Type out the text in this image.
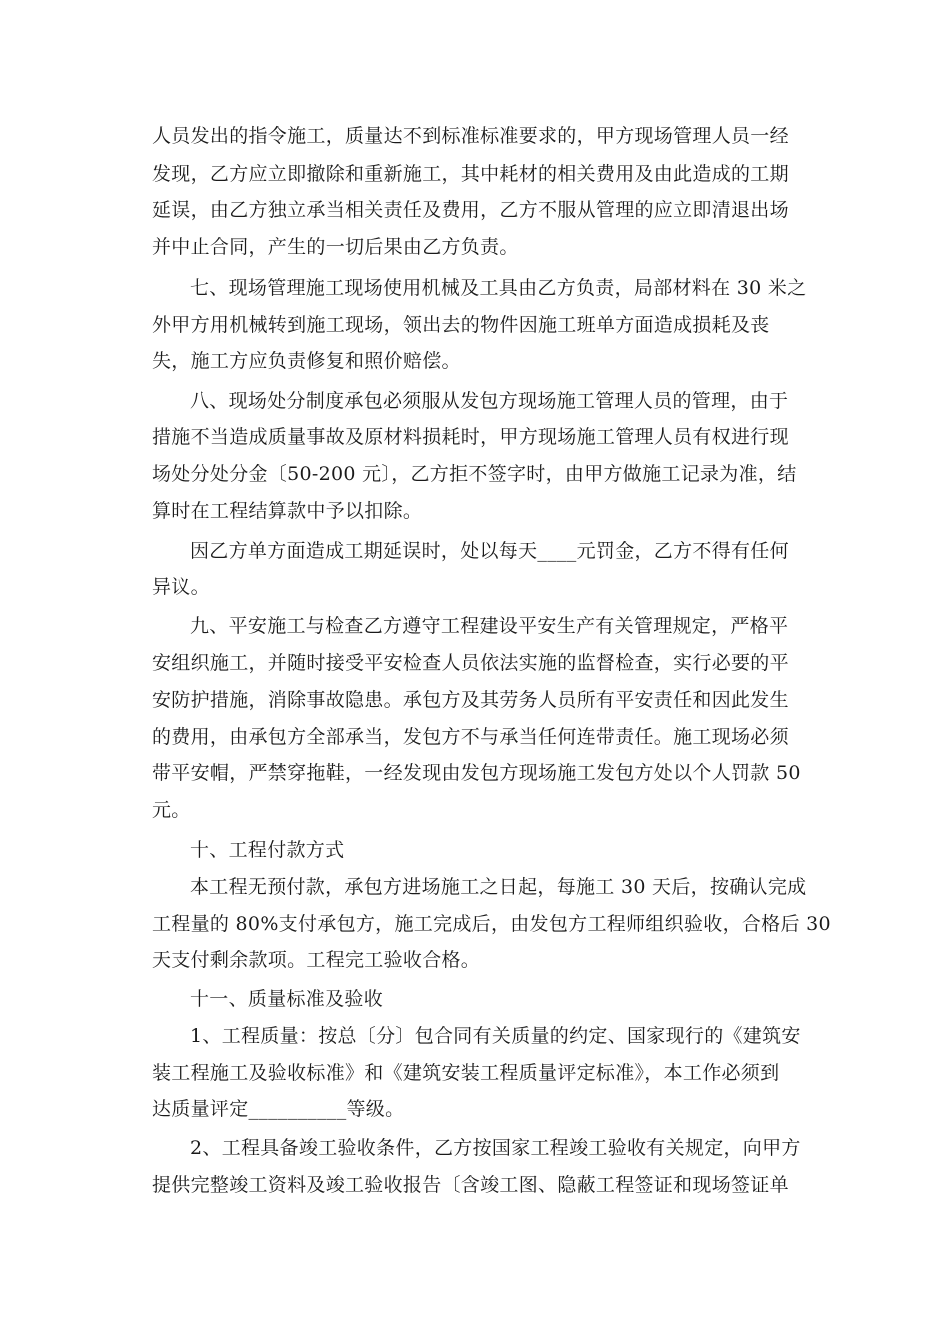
人员发出的指令施工，质量达不到标准标准要求的，甲方现场管理人员一经
发现，乙方应立即撤除和重新施工，其中耗材的相关费用及由此造成的工期
延误，由乙方独立承当相关责任及费用，乙方不服从管理的应立即清退出场
并中止合同，产生的一切后果由乙方负责。
七、现场管理施工现场使用机械及工具由乙方负责，局部材料在 30 米之
外甲方用机械转到施工现场，领出去的物件因施工班单方面造成损耗及丧
失，施工方应负责修复和照价赔偿。
八、现场处分制度承包必须服从发包方现场施工管理人员的管理，由于
措施不当造成质量事故及原材料损耗时，甲方现场施工管理人员有权进行现
场处分处分金〔50-200 元〕，乙方拒不签字时，由甲方做施工记录为准，结
算时在工程结算款中予以扣除。
因乙方单方面造成工期延误时，处以每天____元罚金，乙方不得有任何
异议。
九、平安施工与检查乙方遵守工程建设平安生产有关管理规定，严格平
安组织施工，并随时接受平安检查人员依法实施的监督检查，实行必要的平
安防护措施，消除事故隐患。承包方及其劳务人员所有平安责任和因此发生
的费用，由承包方全部承当，发包方不与承当任何连带责任。施工现场必须
带平安帽，严禁穿拖鞋，一经发现由发包方现场施工发包方处以个人罚款 50
元。
十、工程付款方式
本工程无预付款，承包方进场施工之日起，每施工 30 天后，按确认完成
工程量的 80%支付承包方，施工完成后，由发包方工程师组织验收，合格后 30
天支付剩余款项。工程完工验收合格。
十一、质量标准及验收
1、工程质量：按总〔分〕包合同有关质量的约定、国家现行的《建筑安
装工程施工及验收标准》和《建筑安装工程质量评定标准》，本工作必须到
达质量评定__________等级。
2、工程具备竣工验收条件，乙方按国家工程竣工验收有关规定，向甲方
提供完整竣工资料及竣工验收报告〔含竣工图、隐蔽工程签证和现场签证单
